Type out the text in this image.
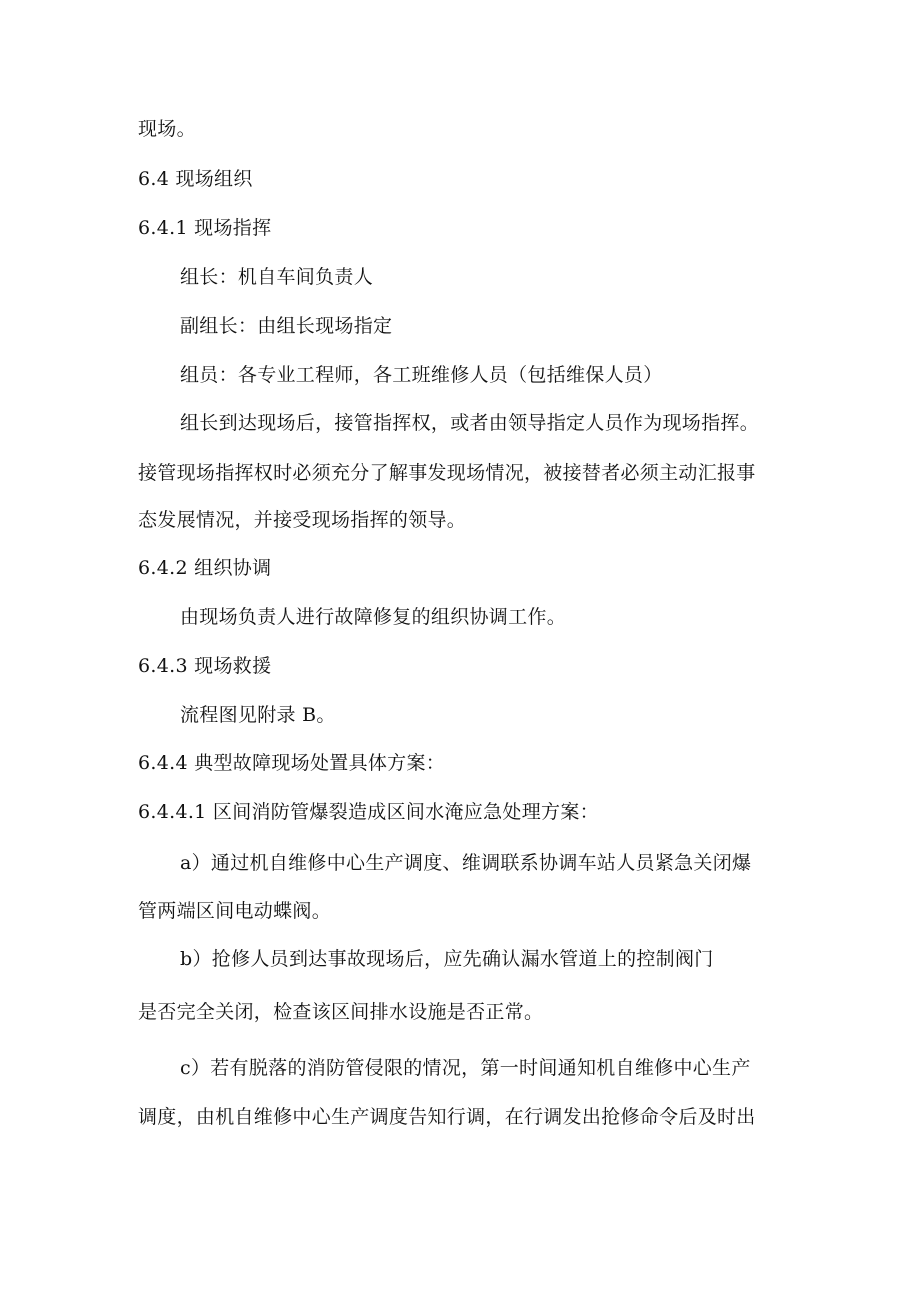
现场。
6.4 现场组织
6.4.1 现场指挥
组长：机自车间负责人
副组长：由组长现场指定
组员：各专业工程师，各工班维修人员（包括维保人员）
组长到达现场后，接管指挥权，或者由领导指定人员作为现场指挥。
接管现场指挥权时必须充分了解事发现场情况，被接替者必须主动汇报事
态发展情况，并接受现场指挥的领导。
6.4.2 组织协调
由现场负责人进行故障修复的组织协调工作。
6.4.3 现场救援
流程图见附录 B。
6.4.4 典型故障现场处置具体方案：
6.4.4.1 区间消防管爆裂造成区间水淹应急处理方案：
a）通过机自维修中心生产调度、维调联系协调车站人员紧急关闭爆
管两端区间电动蝶阀。
b）抢修人员到达事故现场后，应先确认漏水管道上的控制阀门
是否完全关闭，检查该区间排水设施是否正常。
c）若有脱落的消防管侵限的情况，第一时间通知机自维修中心生产
调度，由机自维修中心生产调度告知行调，在行调发出抢修命令后及时出
